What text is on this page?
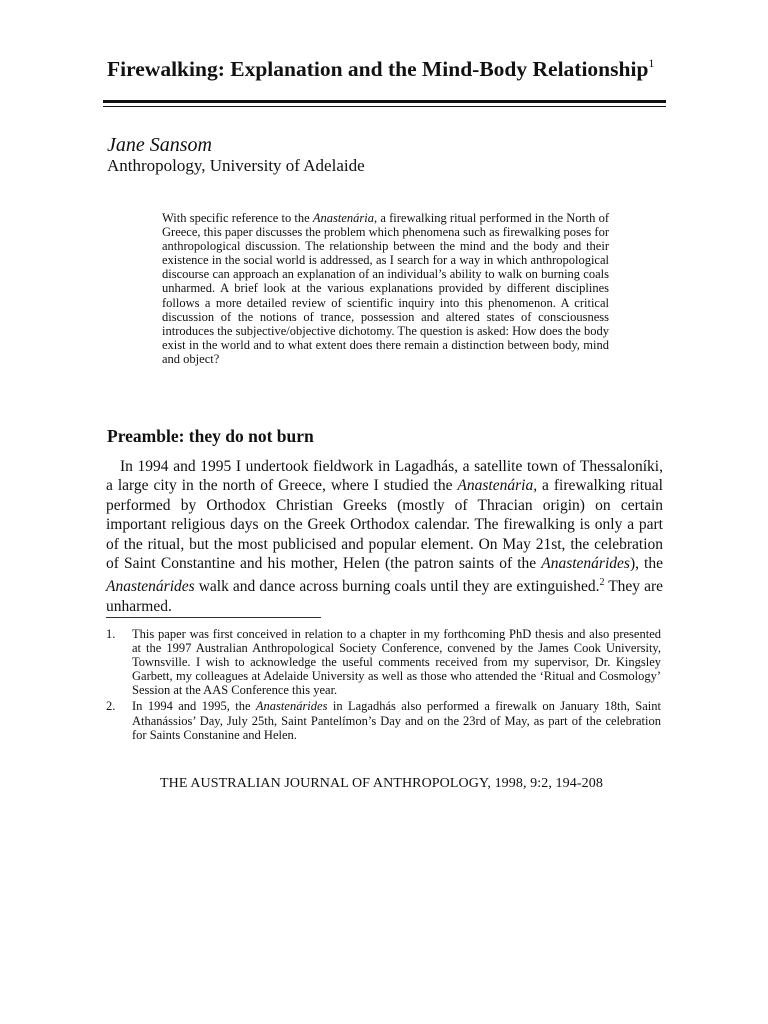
Firewalking: Explanation and the Mind-Body Relationship$^1$
Jane Sansom
Anthropology, University of Adelaide

With specific reference to the Anastenária, a firewalking ritual performed in the North of Greece, this paper discusses the problem which phenomena such as firewalking poses for anthropological discussion. The relationship between the mind and the body and their existence in the social world is addressed, as I search for a way in which anthropological discourse can approach an explanation of an individual’s ability to walk on burning coals unharmed. A brief look at the various explanations provided by different disciplines follows a more detailed review of scientific inquiry into this phenomenon. A critical discussion of the notions of trance, possession and altered states of consciousness introduces the subjective/objective dichotomy. The question is asked: How does the body exist in the world and to what extent does there remain a distinction between body, mind and object?

Preamble: they do not burn

In 1994 and 1995 I undertook fieldwork in Lagadhás, a satellite town of Thessaloníki, a large city in the north of Greece, where I studied the Anastenária, a firewalking ritual performed by Orthodox Christian Greeks (mostly of Thracian origin) on certain important religious days on the Greek Orthodox calendar. The firewalking is only a part of the ritual, but the most publicised and popular element. On May 21st, the celebration of Saint Constantine and his mother, Helen (the patron saints of the Anastenárides), the Anastenárides walk and dance across burning coals until they are extinguished.$^2$ They are unharmed.

1.	This paper was first conceived in relation to a chapter in my forthcoming PhD thesis and also presented at the 1997 Australian Anthropological Society Conference, convened by the James Cook University, Townsville. I wish to acknowledge the useful comments received from my supervisor, Dr. Kingsley Garbett, my colleagues at Adelaide University as well as those who attended the ‘Ritual and Cosmology’ Session at the AAS Conference this year.
2.	In 1994 and 1995, the Anastenárides in Lagadhás also performed a firewalk on January 18th, Saint Athanássios’ Day, July 25th, Saint Pantelímon’s Day and on the 23rd of May, as part of the celebration for Saints Constanine and Helen.
THE AUSTRALIAN JOURNAL OF ANTHROPOLOGY, 1998, 9:2, 194-208
